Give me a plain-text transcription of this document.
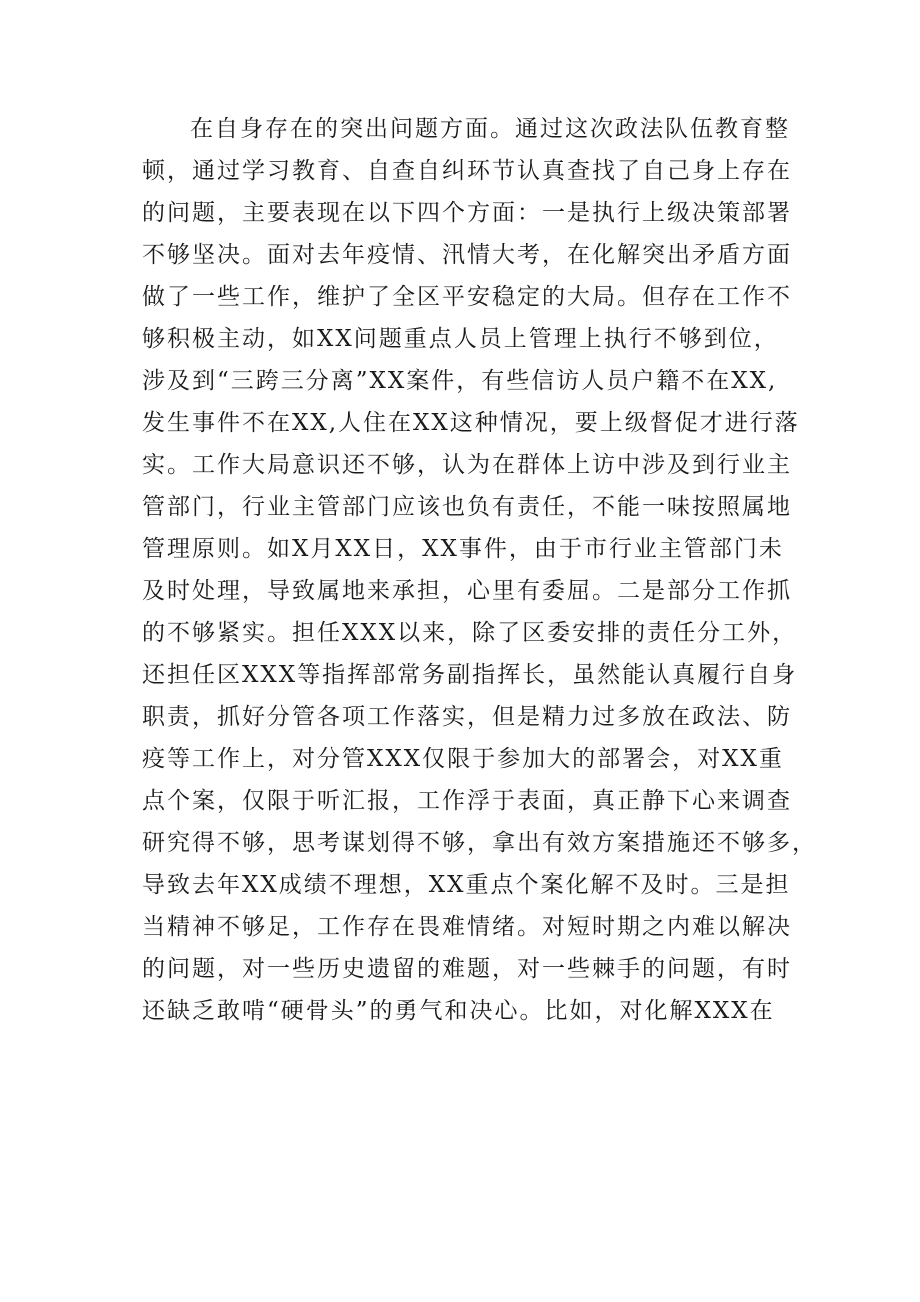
在自身存在的突出问题方面。通过这次政法队伍教育整
顿，通过学习教育、自查自纠环节认真查找了自己身上存在
的问题，主要表现在以下四个方面：一是执行上级决策部署
不够坚决。面对去年疫情、汛情大考，在化解突出矛盾方面
做了一些工作，维护了全区平安稳定的大局。但存在工作不
够积极主动，如XX问题重点人员上管理上执行不够到位，
涉及到“三跨三分离”XX案件，有些信访人员户籍不在XX,
发生事件不在XX,人住在XX这种情况，要上级督促才进行落
实。工作大局意识还不够，认为在群体上访中涉及到行业主
管部门，行业主管部门应该也负有责任，不能一味按照属地
管理原则。如X月XX日，XX事件，由于市行业主管部门未
及时处理，导致属地来承担，心里有委屈。二是部分工作抓
的不够紧实。担任XXX以来，除了区委安排的责任分工外，
还担任区XXX等指挥部常务副指挥长，虽然能认真履行自身
职责，抓好分管各项工作落实，但是精力过多放在政法、防
疫等工作上，对分管XXX仅限于参加大的部署会，对XX重
点个案，仅限于听汇报，工作浮于表面，真正静下心来调查
研究得不够，思考谋划得不够，拿出有效方案措施还不够多，
导致去年XX成绩不理想，XX重点个案化解不及时。三是担
当精神不够足，工作存在畏难情绪。对短时期之内难以解决
的问题，对一些历史遗留的难题，对一些棘手的问题，有时
还缺乏敢啃“硬骨头”的勇气和决心。比如，对化解XXX在
